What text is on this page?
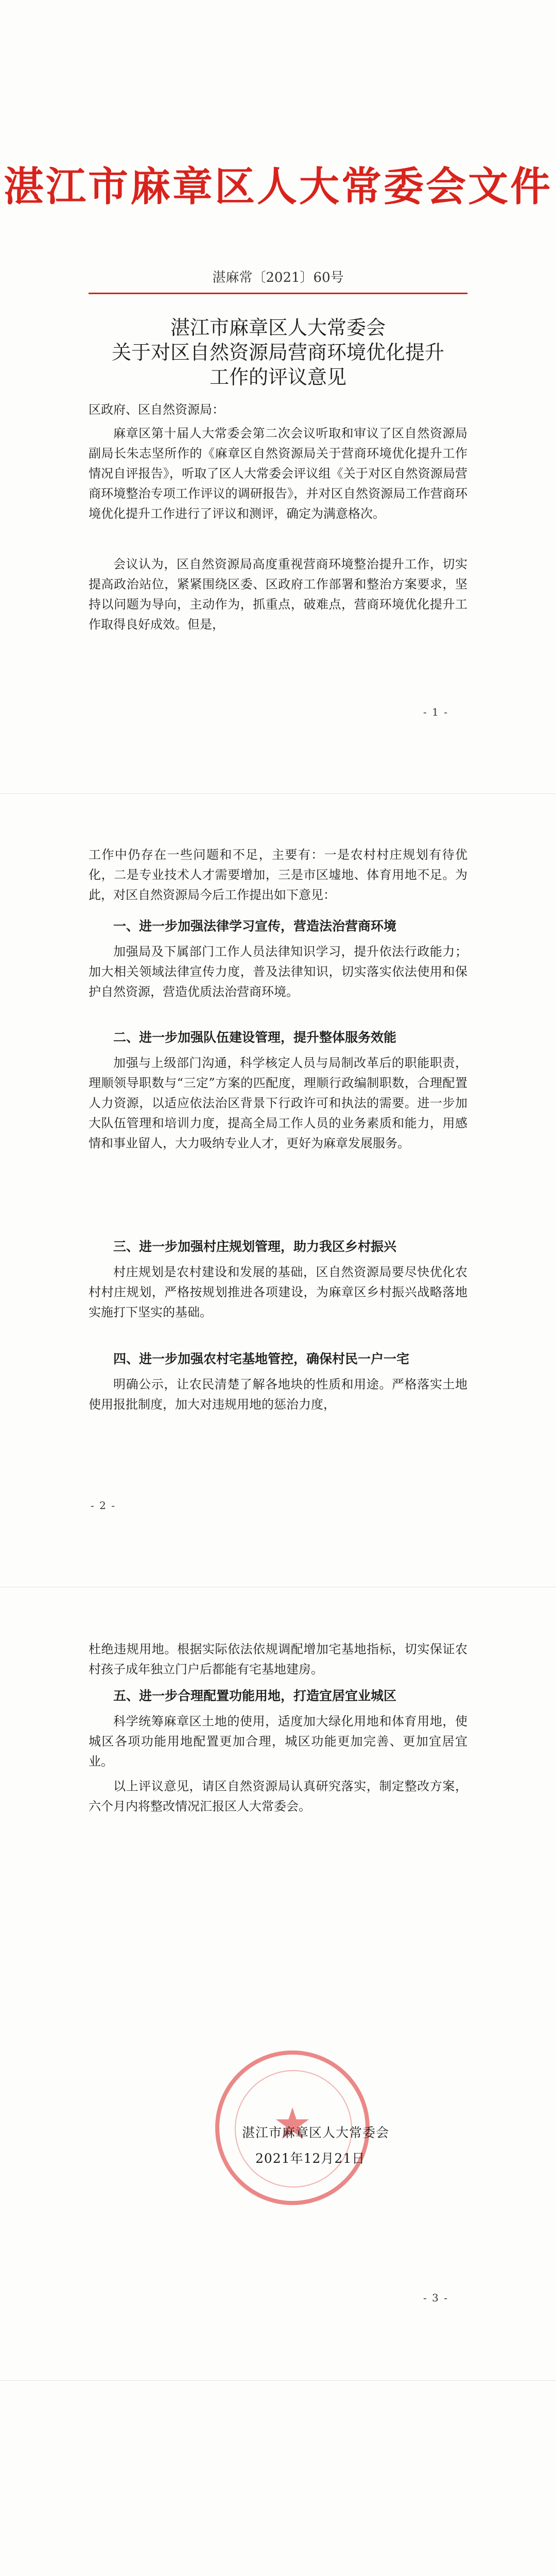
湛江市麻章区人大常委会文件
湛麻常〔2021〕60号
湛江市麻章区人大常委会
关于对区自然资源局营商环境优化提升
工作的评议意见
区政府、区自然资源局：
麻章区第十届人大常委会第二次会议听取和审议了区自然资源局副局长朱志坚所作的《麻章区自然资源局关于营商环境优化提升工作情况自评报告》，听取了区人大常委会评议组《关于对区自然资源局营商环境整治专项工作评议的调研报告》，并对区自然资源局工作营商环境优化提升工作进行了评议和测评，确定为满意格次。
会议认为，区自然资源局高度重视营商环境整治提升工作，切实提高政治站位，紧紧围绕区委、区政府工作部署和整治方案要求，坚持以问题为导向，主动作为，抓重点，破难点，营商环境优化提升工作取得良好成效。但是，
- 1 -
工作中仍存在一些问题和不足，主要有：一是农村村庄规划有待优化，二是专业技术人才需要增加，三是市区墟地、体育用地不足。为此，对区自然资源局今后工作提出如下意见：
一、进一步加强法律学习宣传，营造法治营商环境
加强局及下属部门工作人员法律知识学习，提升依法行政能力；加大相关领域法律宣传力度，普及法律知识，切实落实依法使用和保护自然资源，营造优质法治营商环境。
二、进一步加强队伍建设管理，提升整体服务效能
加强与上级部门沟通，科学核定人员与局制改革后的职能职责，理顺领导职数与“三定”方案的匹配度，理顺行政编制职数，合理配置人力资源，以适应依法治区背景下行政许可和执法的需要。进一步加大队伍管理和培训力度，提高全局工作人员的业务素质和能力，用感情和事业留人，大力吸纳专业人才，更好为麻章发展服务。
三、进一步加强村庄规划管理，助力我区乡村振兴
村庄规划是农村建设和发展的基础，区自然资源局要尽快优化农村村庄规划，严格按规划推进各项建设，为麻章区乡村振兴战略落地实施打下坚实的基础。
四、进一步加强农村宅基地管控，确保村民一户一宅
明确公示，让农民清楚了解各地块的性质和用途。严格落实土地使用报批制度，加大对违规用地的惩治力度，
- 2 -
杜绝违规用地。根据实际依法依规调配增加宅基地指标，切实保证农村孩子成年独立门户后都能有宅基地建房。
五、进一步合理配置功能用地，打造宜居宜业城区
科学统筹麻章区土地的使用，适度加大绿化用地和体育用地，使城区各项功能用地配置更加合理，城区功能更加完善、更加宜居宜业。
以上评议意见，请区自然资源局认真研究落实，制定整改方案，六个月内将整改情况汇报区人大常委会。
★
湛江市麻章区人大常委会
2021年12月21日
- 3 -
